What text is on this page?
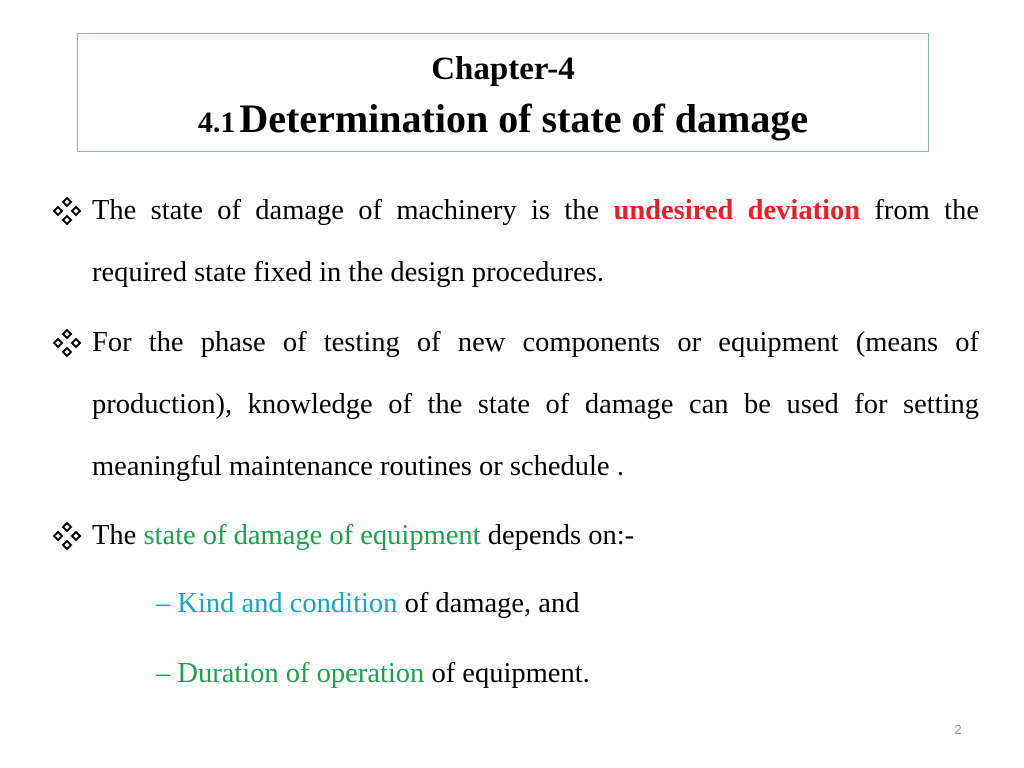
Chapter-4
4.1 Determination of state of damage
The state of damage of machinery is the undesired deviation from the required state fixed in the design procedures.
For the phase of testing of new components or equipment (means of production), knowledge of the state of damage can be used for setting meaningful maintenance routines or schedule .
The state of damage of equipment depends on:-
– Kind and condition of damage, and
– Duration of operation of equipment.
2
